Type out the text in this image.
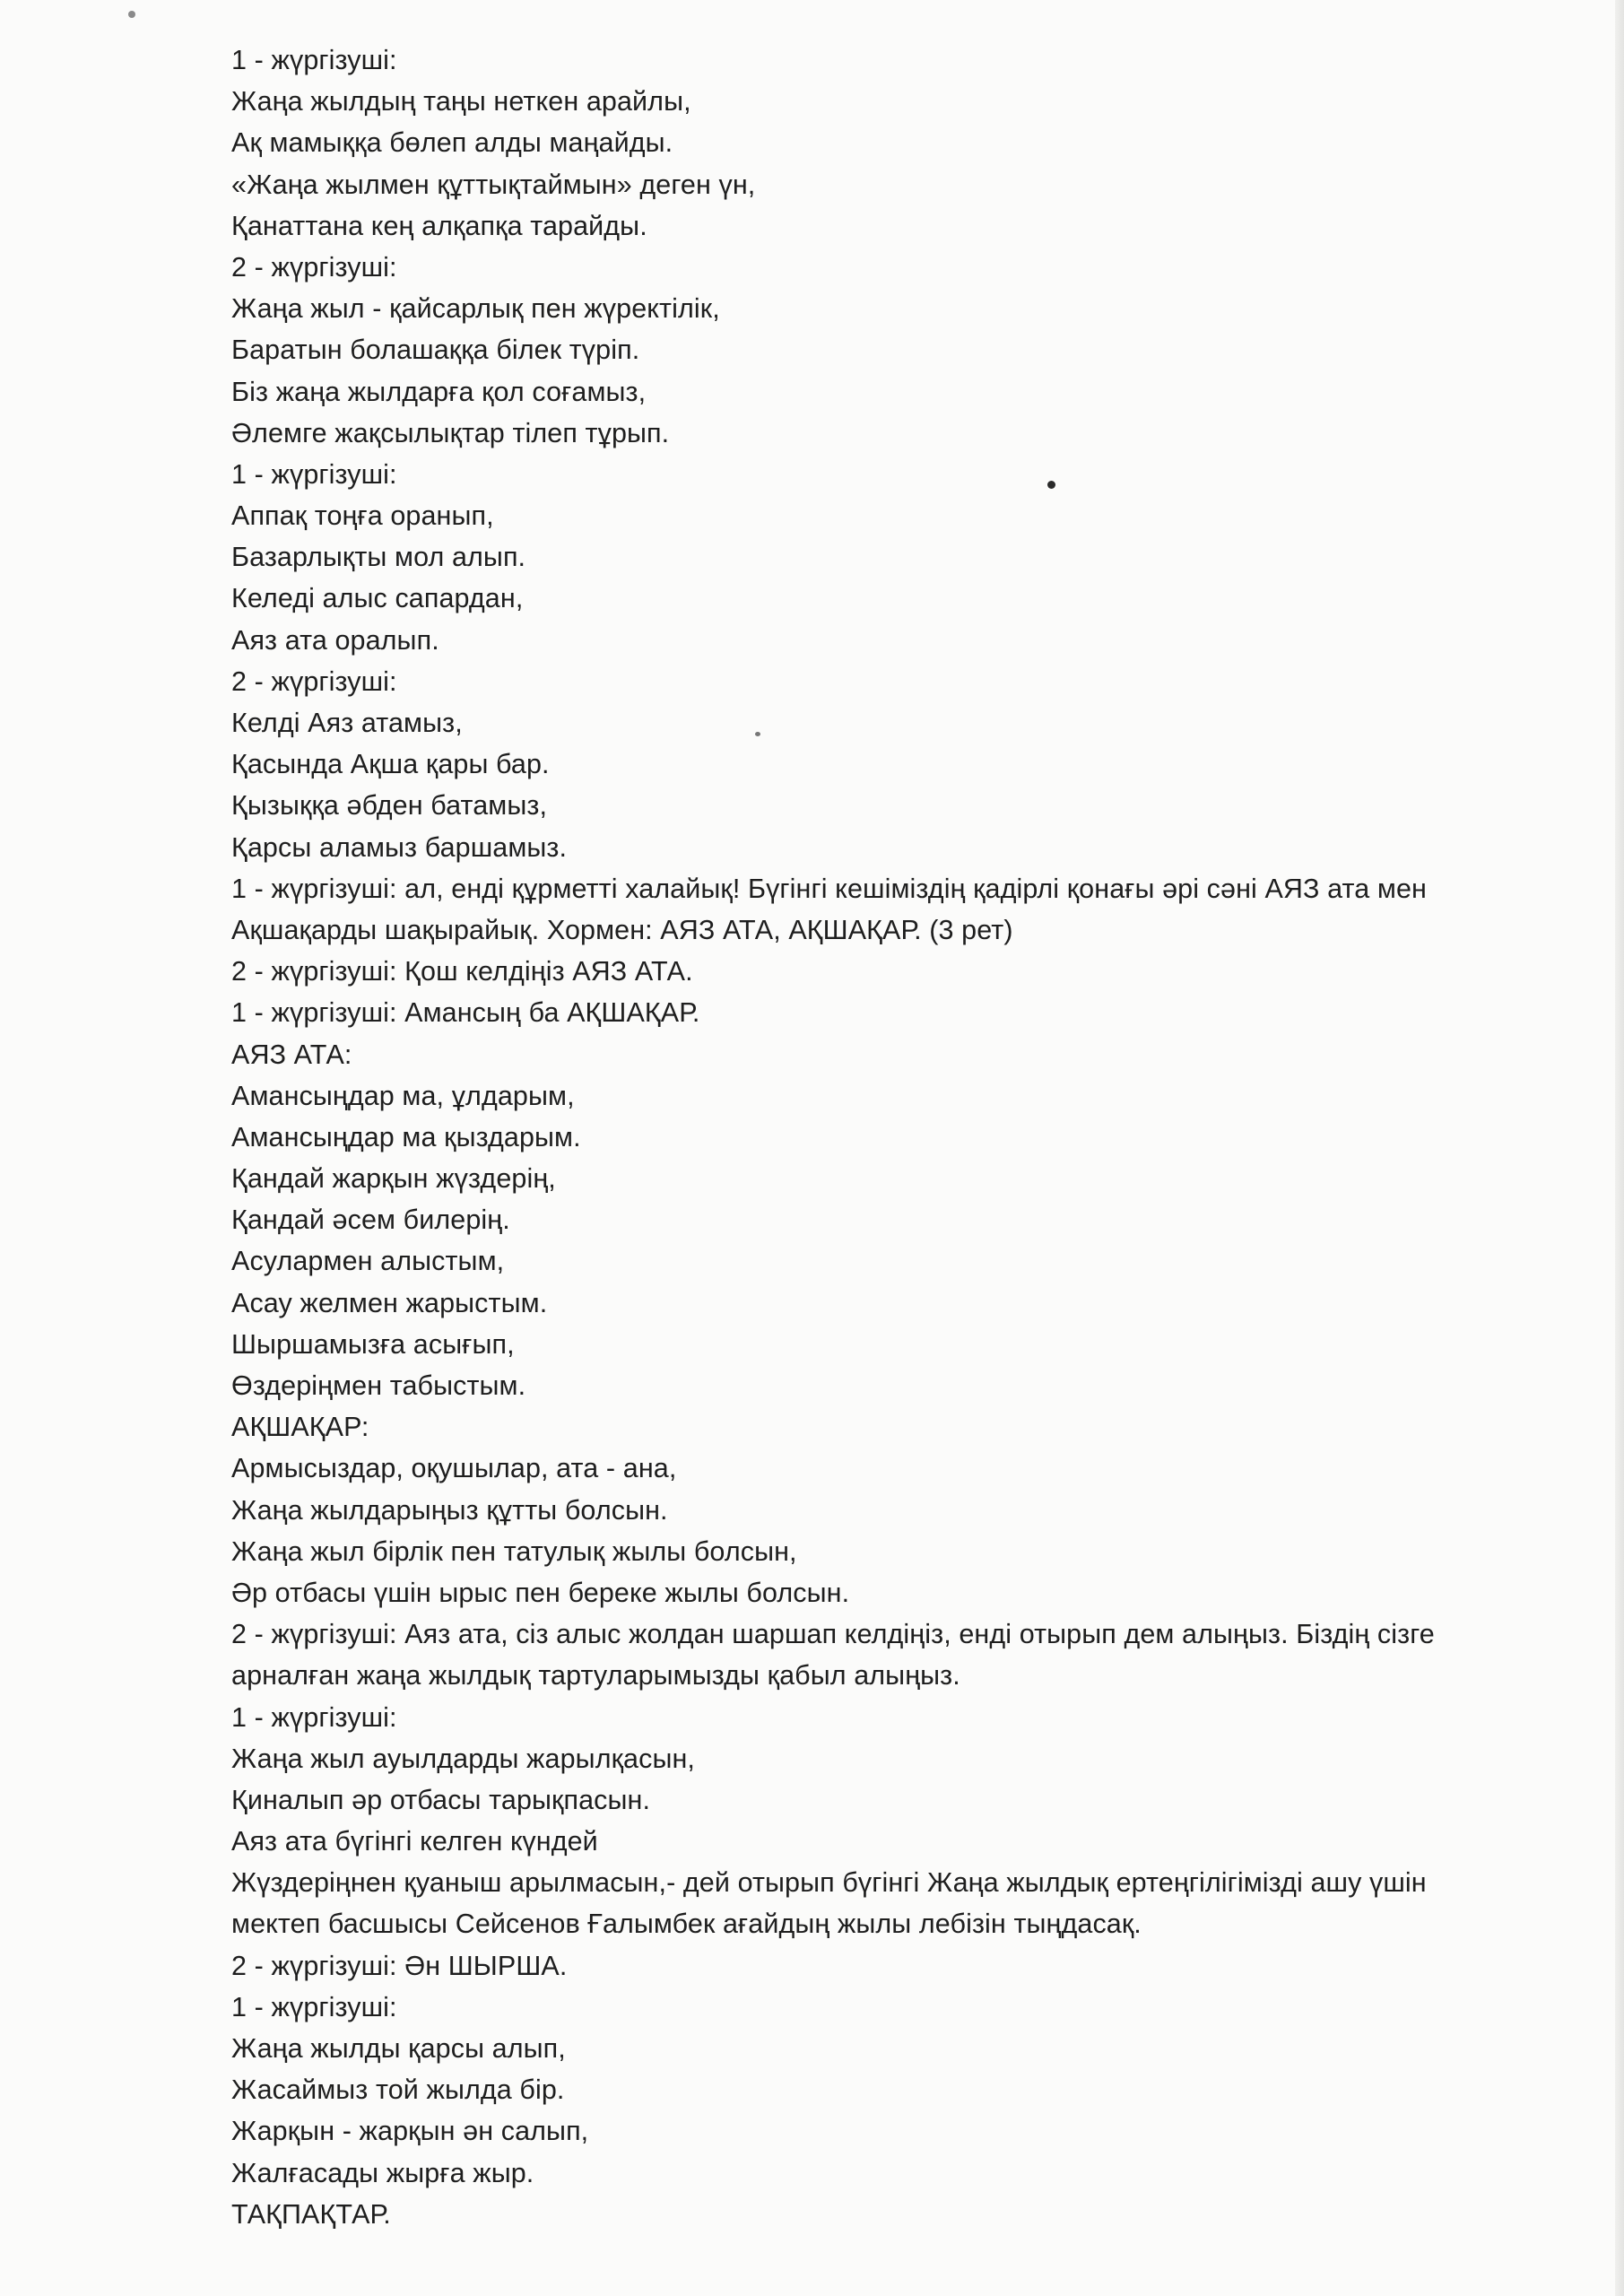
1 - жүргізуші:
Жаңа жылдың таңы неткен арайлы,
Ақ мамыққа бөлеп алды маңайды.
«Жаңа жылмен құттықтаймын» деген үн,
Қанаттана кең алқапқа тарайды.
2 - жүргізуші:
Жаңа жыл - қайсарлық пен жүректілік,
Баратын болашаққа білек түріп.
Біз жаңа жылдарға қол соғамыз,
Әлемге жақсылықтар тілеп тұрып.
1 - жүргізуші:
Аппақ тоңға оранып,
Базарлықты мол алып.
Келеді алыс сапардан,
Аяз ата оралып.
2 - жүргізуші:
Келді Аяз атамыз,
Қасында Ақша қары бар.
Қызыққа әбден батамыз,
Қарсы аламыз баршамыз.
1 - жүргізуші: ал, енді құрметті халайық! Бүгінгі кешіміздің қадірлі қонағы әрі сәні АЯЗ ата мен
Ақшақарды шақырайық. Хормен: АЯЗ АТА, АҚШАҚАР. (3 рет)
2 - жүргізуші: Қош келдіңіз АЯЗ АТА.
1 - жүргізуші: Амансың ба АҚШАҚАР.
АЯЗ АТА:
Амансыңдар ма, ұлдарым,
Амансыңдар ма қыздарым.
Қандай жарқын жүздерің,
Қандай әсем билерің.
Асулармен алыстым,
Асау желмен жарыстым.
Шыршамызға асығып,
Өздеріңмен табыстым.
АҚШАҚАР:
Армысыздар, оқушылар, ата - ана,
Жаңа жылдарыңыз құтты болсын.
Жаңа жыл бірлік пен татулық жылы болсын,
Әр отбасы үшін ырыс пен береке жылы болсын.
2 - жүргізуші: Аяз ата, сіз алыс жолдан шаршап келдіңіз, енді отырып дем алыңыз. Біздің сізге
арналған жаңа жылдық тартуларымызды қабыл алыңыз.
1 - жүргізуші:
Жаңа жыл ауылдарды жарылқасын,
Қиналып әр отбасы тарықпасын.
Аяз ата бүгінгі келген күндей
Жүздеріңнен қуаныш арылмасын,- дей отырып бүгінгі Жаңа жылдық ертеңгілігімізді ашу үшін
мектеп басшысы Сейсенов Ғалымбек ағайдың жылы лебізін тыңдасақ.
2 - жүргізуші: Ән ШЫРША.
1 - жүргізуші:
Жаңа жылды қарсы алып,
Жасаймыз той жылда бір.
Жарқын - жарқын ән салып,
Жалғасады жырға жыр.
ТАҚПАҚТАР.
